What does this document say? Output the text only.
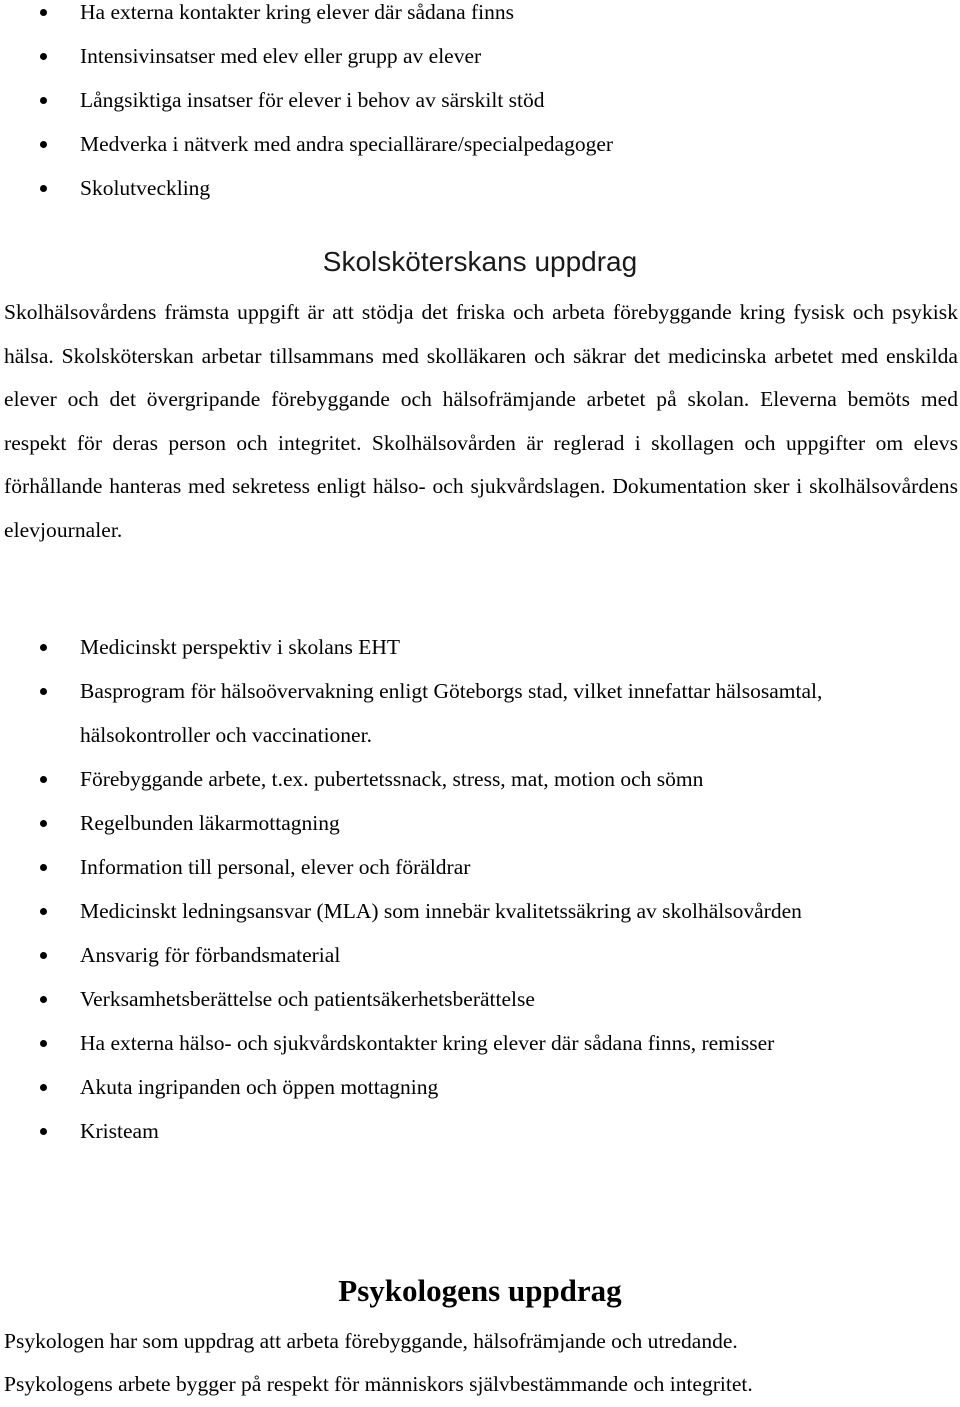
Ha externa kontakter kring elever där sådana finns
Intensivinsatser med elev eller grupp av elever
Långsiktiga insatser för elever i behov av särskilt stöd
Medverka i nätverk med andra speciallärare/specialpedagoger
Skolutveckling
Skolsköterskans uppdrag

Skolhälsovårdens främsta uppgift är att stödja det friska och arbeta förebyggande kring fysisk och psykisk hälsa. Skolsköterskan arbetar tillsammans med skolläkaren och säkrar det medicinska arbetet med enskilda elever och det övergripande förebyggande och hälsofrämjande arbetet på skolan. Eleverna bemöts med respekt för deras person och integritet. Skolhälsovården är reglerad i skollagen och uppgifter om elevs förhållande hanteras med sekretess enligt hälso- och sjukvårdslagen. Dokumentation sker i skolhälsovårdens elevjournaler.

Medicinskt perspektiv i skolans EHT
Basprogram för hälsoövervakning enligt Göteborgs stad, vilket innefattar hälsosamtal, hälsokontroller och vaccinationer.
Förebyggande arbete, t.ex. pubertetssnack, stress, mat, motion och sömn
Regelbunden läkarmottagning
Information till personal, elever och föräldrar
Medicinskt ledningsansvar (MLA) som innebär kvalitetssäkring av skolhälsovården
Ansvarig för förbandsmaterial
Verksamhetsberättelse och patientsäkerhetsberättelse
Ha externa hälso- och sjukvårdskontakter kring elever där sådana finns, remisser
Akuta ingripanden och öppen mottagning
Kristeam
Psykologens uppdrag

Psykologen har som uppdrag att arbeta förebyggande, hälsofrämjande och utredande.

Psykologens arbete bygger på respekt för människors självbestämmande och integritet.
